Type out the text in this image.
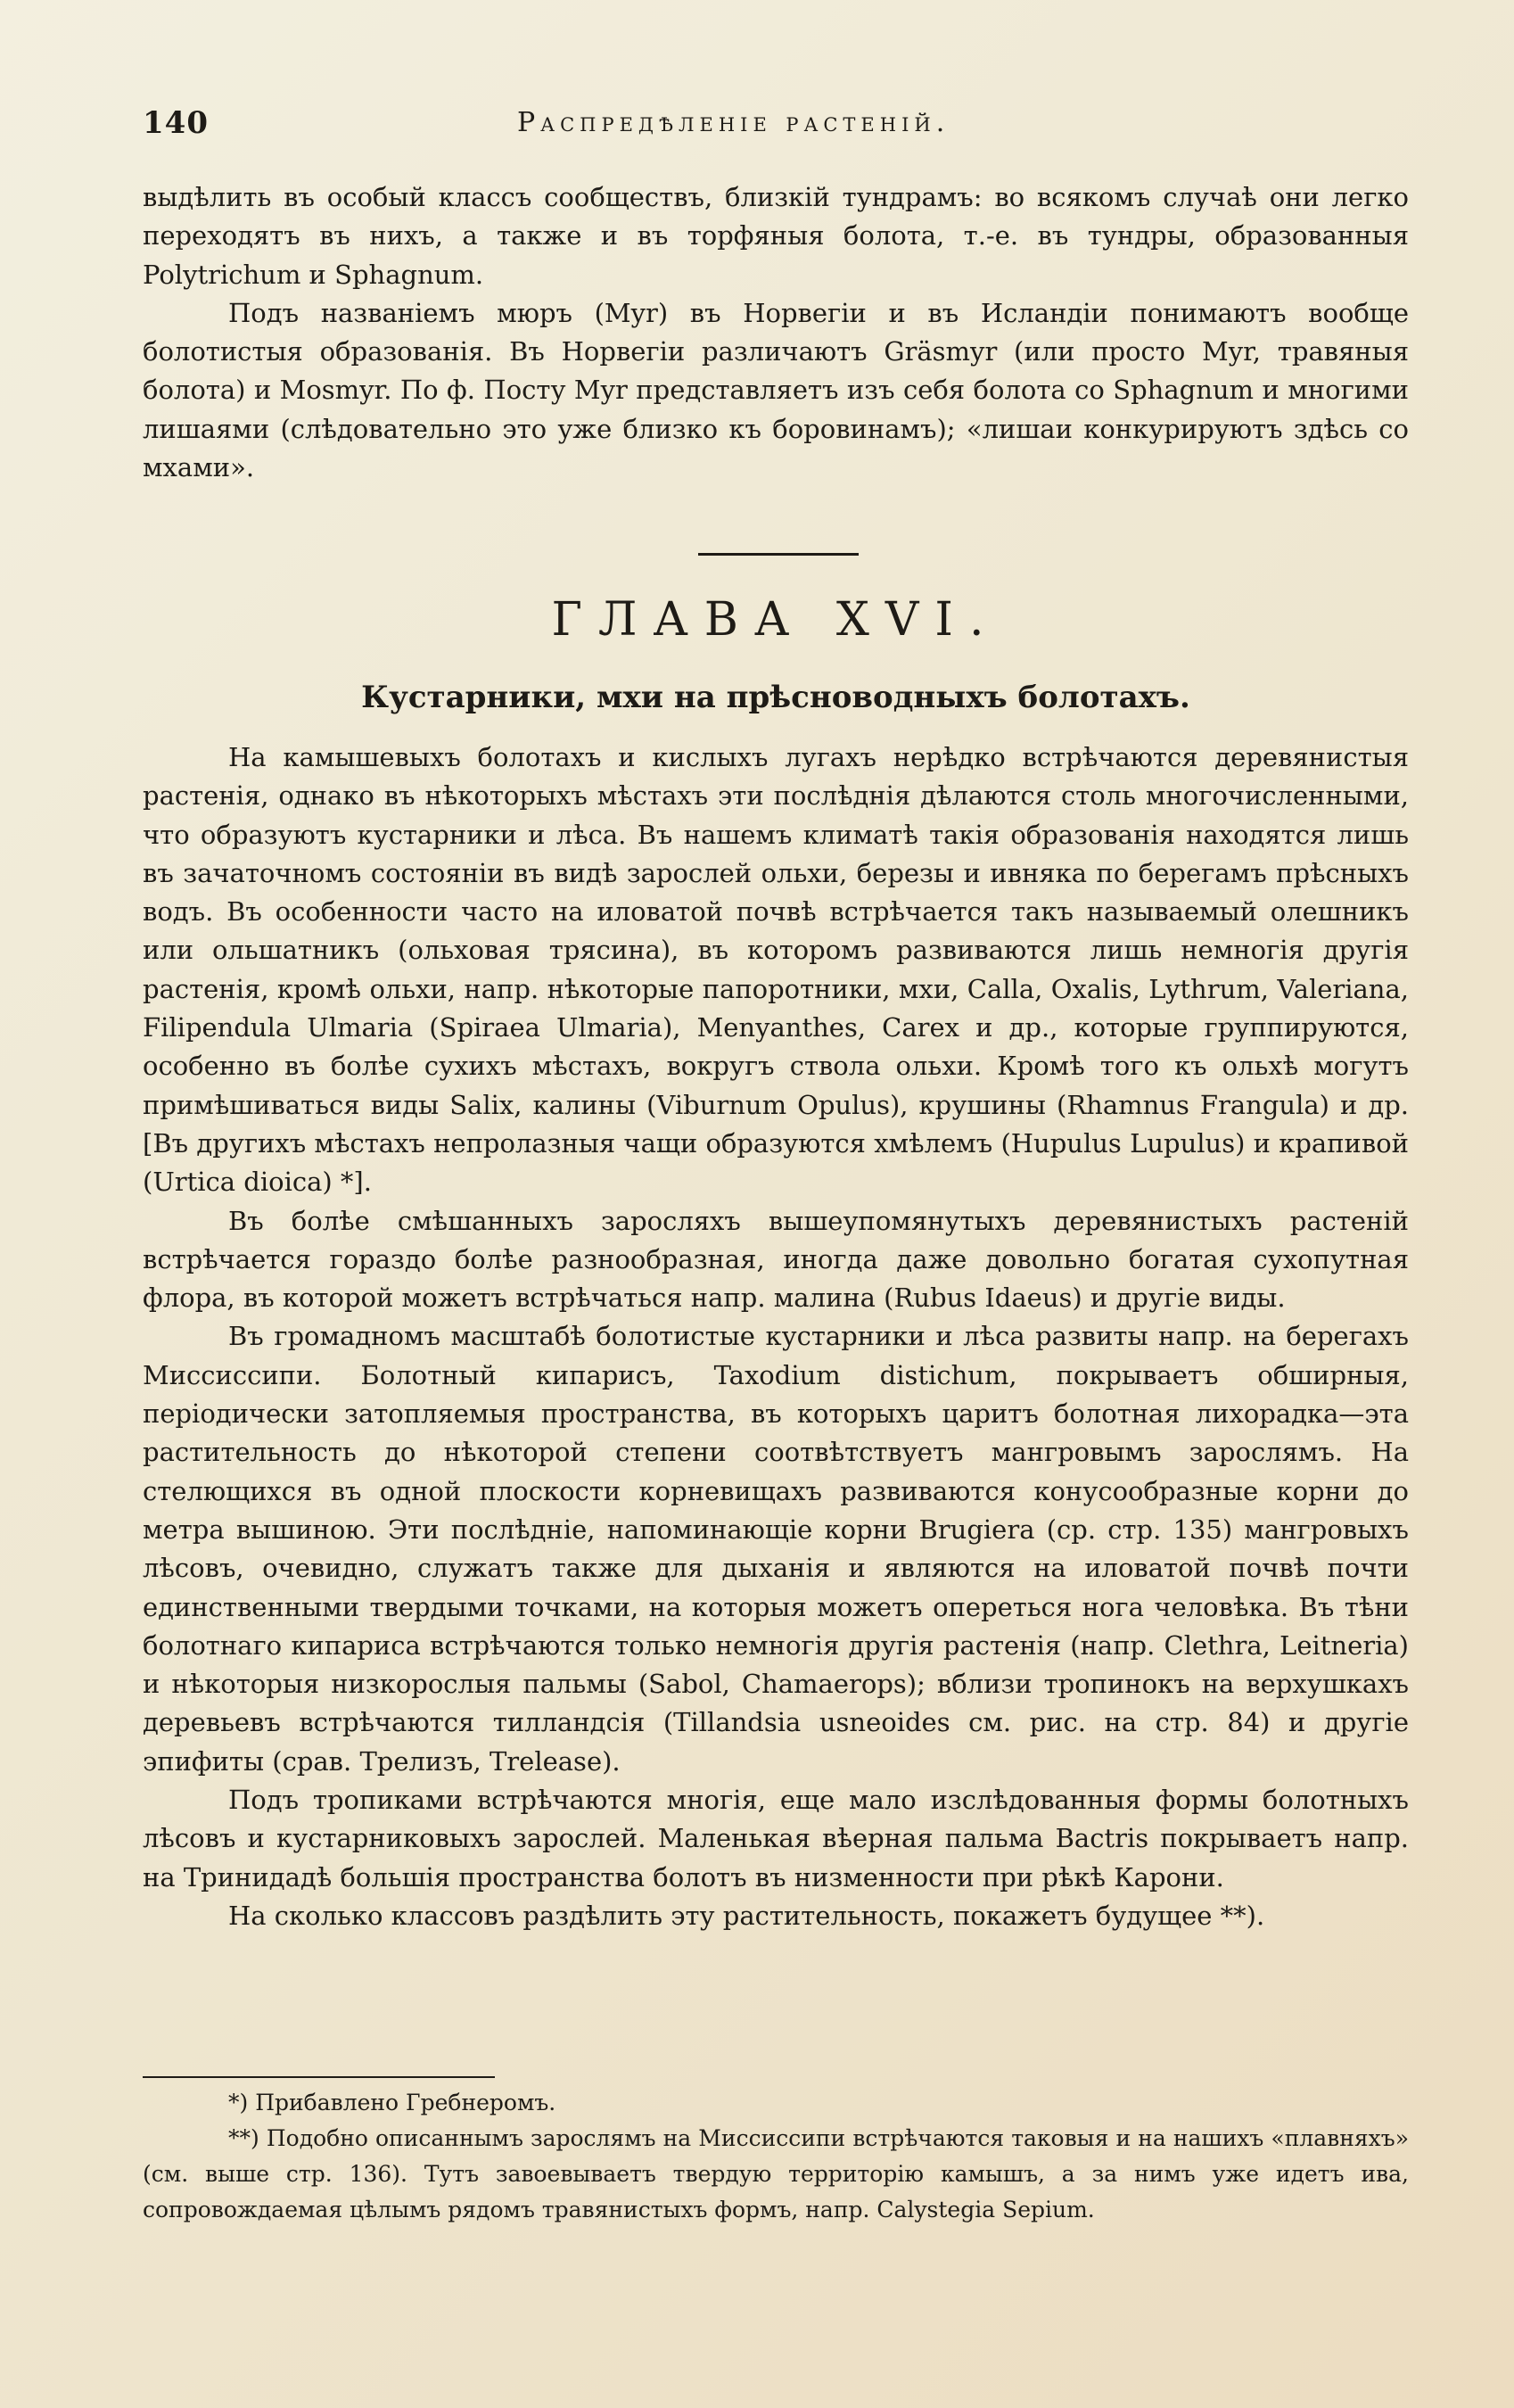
140	Распредѣленіе растеній.

выдѣлить въ особый классъ сообществъ, близкій тундрамъ: во всякомъ случаѣ они легко переходятъ въ нихъ, а также и въ торфяныя болота, т.-е. въ тундры, образованныя Polytrichum и Sphagnum.

Подъ названіемъ мюръ (Myr) въ Норвегіи и въ Исландіи понимаютъ вообще болотистыя образованія. Въ Норвегіи различаютъ Gräsmyr (или просто Myr, травяныя болота) и Mosmyr. По ф. Посту Myr представляетъ изъ себя болота со Sphagnum и многими лишаями (слѣдовательно это уже близко къ боровинамъ); «лишаи конкурируютъ здѣсь со мхами».

ГЛАВА XVI.
Кустарники, мхи на прѣсноводныхъ болотахъ.

На камышевыхъ болотахъ и кислыхъ лугахъ нерѣдко встрѣчаются деревянистыя растенія, однако въ нѣкоторыхъ мѣстахъ эти послѣднія дѣлаются столь многочисленными, что образуютъ кустарники и лѣса. Въ нашемъ климатѣ такія образованія находятся лишь въ зачаточномъ состояніи въ видѣ зарослей ольхи, березы и ивняка по берегамъ прѣсныхъ водъ. Въ особенности часто на иловатой почвѣ встрѣчается такъ называемый олешникъ или ольшатникъ (ольховая трясина), въ которомъ развиваются лишь немногія другія растенія, кромѣ ольхи, напр. нѣкоторые папоротники, мхи, Calla, Oxalis, Lythrum, Valeriana, Filipendula Ulmaria (Spiraea Ulmaria), Menyanthes, Carex и др., которые группируются, особенно въ болѣе сухихъ мѣстахъ, вокругъ ствола ольхи. Кромѣ того къ ольхѣ могутъ примѣшиваться виды Salix, калины (Viburnum Opulus), крушины (Rhamnus Frangula) и др. [Въ другихъ мѣстахъ непролазныя чащи образуются хмѣлемъ (Hupulus Lupulus) и крапивой (Urtica dioica) *].

Въ болѣе смѣшанныхъ заросляхъ вышеупомянутыхъ деревянистыхъ растеній встрѣчается гораздо болѣе разнообразная, иногда даже довольно богатая сухопутная флора, въ которой можетъ встрѣчаться напр. малина (Rubus Idaeus) и другіе виды.

Въ громадномъ масштабѣ болотистые кустарники и лѣса развиты напр. на берегахъ Миссиссипи. Болотный кипарисъ, Taxodium distichum, покрываетъ обширныя, періодически затопляемыя пространства, въ которыхъ царитъ болотная лихорадка—эта растительность до нѣкоторой степени соотвѣтствуетъ мангровымъ зарослямъ. На стелющихся въ одной плоскости корневищахъ развиваются конусообразные корни до метра вышиною. Эти послѣдніе, напоминающіе корни Brugiera (ср. стр. 135) мангровыхъ лѣсовъ, очевидно, служатъ также для дыханія и являются на иловатой почвѣ почти единственными твердыми точками, на которыя можетъ опереться нога человѣка. Въ тѣни болотнаго кипариса встрѣчаются только немногія другія растенія (напр. Clethra, Leitneria) и нѣкоторыя низкорослыя пальмы (Sabol, Chamaerops); вблизи тропинокъ на верхушкахъ деревьевъ встрѣчаются тилландсія (Tillandsia usneoides см. рис. на стр. 84) и другіе эпифиты (срав. Трелизъ, Trelease).

Подъ тропиками встрѣчаются многія, еще мало изслѣдованныя формы болотныхъ лѣсовъ и кустарниковыхъ зарослей. Маленькая вѣерная пальма Bactris покрываетъ напр. на Тринидадѣ большія пространства болотъ въ низменности при рѣкѣ Карони.

На сколько классовъ раздѣлить эту растительность, покажетъ будущее **).

*) Прибавлено Гребнеромъ.

**) Подобно описаннымъ зарослямъ на Миссиссипи встрѣчаются таковыя и на нашихъ «плавняхъ» (см. выше стр. 136). Тутъ завоевываетъ твердую территорію камышъ, а за нимъ уже идетъ ива, сопровождаемая цѣлымъ рядомъ травянистыхъ формъ, напр. Calystegia Sepium.
